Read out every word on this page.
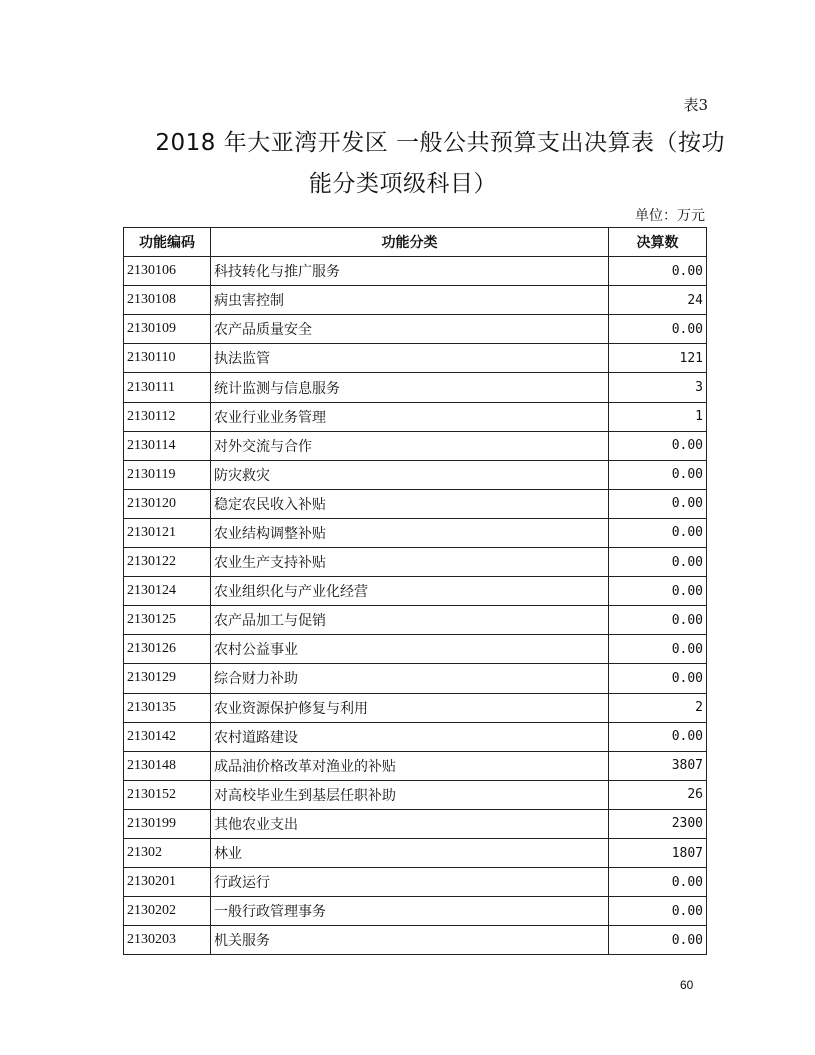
表3
2018 年大亚湾开发区 一般公共预算支出决算表（按功
能分类项级科目）
单位：万元
功能编码	功能分类	决算数
2130106	科技转化与推广服务	0.00
2130108	病虫害控制	24
2130109	农产品质量安全	0.00
2130110	执法监管	121
2130111	统计监测与信息服务	3
2130112	农业行业业务管理	1
2130114	对外交流与合作	0.00
2130119	防灾救灾	0.00
2130120	稳定农民收入补贴	0.00
2130121	农业结构调整补贴	0.00
2130122	农业生产支持补贴	0.00
2130124	农业组织化与产业化经营	0.00
2130125	农产品加工与促销	0.00
2130126	农村公益事业	0.00
2130129	综合财力补助	0.00
2130135	农业资源保护修复与利用	2
2130142	农村道路建设	0.00
2130148	成品油价格改革对渔业的补贴	3807
2130152	对高校毕业生到基层任职补助	26
2130199	其他农业支出	2300
21302	林业	1807
2130201	行政运行	0.00
2130202	一般行政管理事务	0.00
2130203	机关服务	0.00
60
